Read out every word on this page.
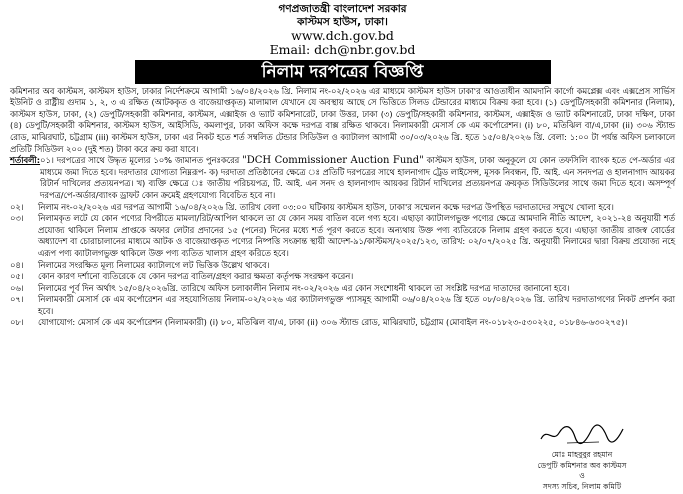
গণপ্রজাতন্ত্রী বাংলাদেশ সরকার
কাস্টমস হাউস, ঢাকা।
www.dch.gov.bd
Email: dch@nbr.gov.bd
নিলাম দরপত্রের বিজ্ঞপ্তি

কমিশনার অব কাস্টমস, কাস্টমস হাউস, ঢাকার নির্দেশক্রমে আগামী ১৬/০৪/২০২৬ খ্রি. নিলাম নং-০২/২০২৬ এর মাধ্যমে কাস্টমস হাউস ঢাকা'র আওতাধীন আমদানি কার্গো কমপ্লেক্স এবং এক্সপ্রেস সার্ভিস ইউনিট ও রাষ্ট্রীয় গুদাম ১, ২, ৩ এ রক্ষিত (আটককৃত ও বাজেয়াপ্তকৃত) মালামাল যেখানে যে অবস্থায় আছে সে ভিত্তিতে সিলড টেন্ডারের মাধ্যমে বিক্রয় করা হবে। (১) ডেপুটি/সহকারী কমিশনার (নিলাম), কাস্টমস হাউস, ঢাকা, (২) ডেপুটি/সহকারী কমিশনার, কাস্টমস, এক্সাইজ ও ভ্যাট কমিশনারেট, ঢাকা উত্তর, ঢাকা (৩) ডেপুটি/সহকারী কমিশনার, কাস্টমস, এক্সাইজ ও ভ্যাট কমিশনারেট, ঢাকা দক্ষিণ, ঢাকা (৪) ডেপুটি/সহকারী কমিশনার, কাস্টমস হাউস, আইসিডি, কমলাপুর, ঢাকা অফিস কক্ষে দরপত্র বাক্স রক্ষিত থাকবে। নিলামকারী মেসার্স কে এম কর্পোরেশন। (i) ৮০, মতিঝিল বা/এ,ঢাকা (ii) ৩০৬ স্ট্যান্ড রোড, মাঝিরঘাট, চট্টগ্রাম (iii) কাস্টমস হাউস, ঢাকা এর নিকট হতে শর্ত সম্বলিত টেন্ডার সিডিউল ও ক্যাটালগ আগামী ৩০/০৩/২০২৬ খ্রি. হতে ১৫/০৪/২০২৬ খ্রি. বেলা: ১:০০ টা পর্যন্ত অফিস চলাকালে প্রতিটি সিডিউল ২০০ (দুই শত) টাকা করে ক্রয় করা যাবে।

শর্তাবলী: ০১। দরপত্রের সাথে উদ্ধৃত মূল্যের ১০% জামানত পুনঃকরের "DCH Commissioner Auction Fund" কাস্টমস হাউস, ঢাকা অনুকূলে যে কোন তফসিলি ব্যাংক হতে পে-অর্ডার এর মাধ্যমে জমা দিতে হবে। দরদাতার যোগ্যতা নিম্নরূপ- ক) দরদাতা প্রতিষ্ঠানের ক্ষেত্রে ঃ প্রতিটি দরপত্রের সাথে হালনাগাদ ট্রেড লাইসেন্স, মূসক নিবন্ধন, টি. আই. এন সনদপত্র ও হালনাগাদ আয়কর রিটার্ন দাখিলের প্রত্যয়নপত্র। খ) ব্যক্তি ক্ষেত্রে ঃ জাতীয় পরিচয়পত্র, টি. আই. এন সনদ ও হালনাগাদ আয়কর রিটার্ন দাখিলের প্রত্যয়নপত্র ক্রয়কৃত সিডিউলের সাথে জমা দিতে হবে। অসম্পূর্ণ দরপত্র/পে-অর্ডার/ব্যাংক ড্রাফট কোন ক্রমেই গ্রহণযোগ্য বিবেচিত হবে না।
০২।	নিলাম নং-০২/২০২৬ এর দরপত্র আগামী ১৬/০৪/২০২৬ খ্রি. তারিখ বেলা ০৩:০০ ঘটিকায় কাস্টমস হাউস, ঢাকা'র সম্মেলন কক্ষে দরপত্র উপস্থিত দরদাতাদের সম্মুখে খোলা হবে।
০৩।	নিলামকৃত লটে যে কোন পণ্যের বিপরীতে মামলা/রিট/আপিল থাকলে তা যে কোন সময় বাতিল বলে গণ্য হবে। এছাড়া ক্যাটালগভুক্ত পণ্যের ক্ষেত্রে আমদানি নীতি আদেশ, ২০২১-২৪ অনুযায়ী শর্ত প্রযোজ্য থাকিলে নিলাম প্রাপ্তকে অফার লেটার প্রদানের ১৫ (পনের) দিনের মধ্যে শর্ত পূরণ করতে হবে। অন্যথায় উক্ত পণ্য ব্যতিরেকে নিলাম গ্রহণ করতে হবে। এছাড়া জাতীয় রাজস্ব বোর্ডের অধ্যাদেশ বা চোরাচালানের মাধ্যমে আটক ও বাজেয়াপ্তকৃত পণ্যের নিষ্পত্তি সংক্রান্ত স্থায়ী আদেশ-৯১/কাস্টমস/২০২৫/১২৩, তারিখ: ০২/০৭/২০২৫ খ্রি. অনুযায়ী নিলামের দ্বারা বিক্রয় প্রযোজ্য নহে এরূপ পণ্য ক্যাটালগভুক্ত থাকিলে উক্ত পণ্য ব্যতিত খালাস গ্রহণ করিতে হবে।
০৪।	নিলামের সংরক্ষিত মূল্য নিলামের ক্যাটালগে লট ভিত্তিক উল্লেখ থাকবে।
০৫।	কোন কারণ দর্শানো ব্যতিরেকে যে কোন দরপত্র বাতিল/গ্রহণ করার ক্ষমতা কর্তৃপক্ষ সংরক্ষণ করেন।
০৬।	নিলামের পূর্ব দিন অর্থাৎ ১৫/০৪/২০২৬খ্রি. তারিখে অফিস চলাকালীন নিলাম নং-০২/২০২৬ এর কোন সংশোধনী থাকলে তা সংশ্লিষ্ট দরপত্র দাতাদের জানানো হবে।
০৭।	নিলামকারী মেসার্স কে এম কর্পোরেশন এর সহযোগিতায় নিলাম-০২/২০২৬ এর ক্যাটালগভুক্ত প্যাসমূহ আগামী ০৬/০৪/২০২৬ খ্রি হতে ০৮/০৪/২০২৬ খ্রি. তারিখ দরদাতাগণের নিকট প্রদর্শন করা হবে।
০৮।	যোগাযোগ: মেসার্স কে এম কর্পোরেশন (নিলামকারী) (i) ৮০, মতিঝিল বা/এ, ঢাকা (ii) ৩০৬ স্ট্যান্ড রোড, মাঝিরঘাট, চট্টগ্রাম (মোবাইল নং-০১৮২৩-৫৩০২২৫, ০১৮৪৬-৬৩০২৭৫)।
মোঃ মাহবুবুর রহমান
ডেপুটি কমিশনার অব কাস্টমস
ও
সদস্য সচিব, নিলাম কমিটি
